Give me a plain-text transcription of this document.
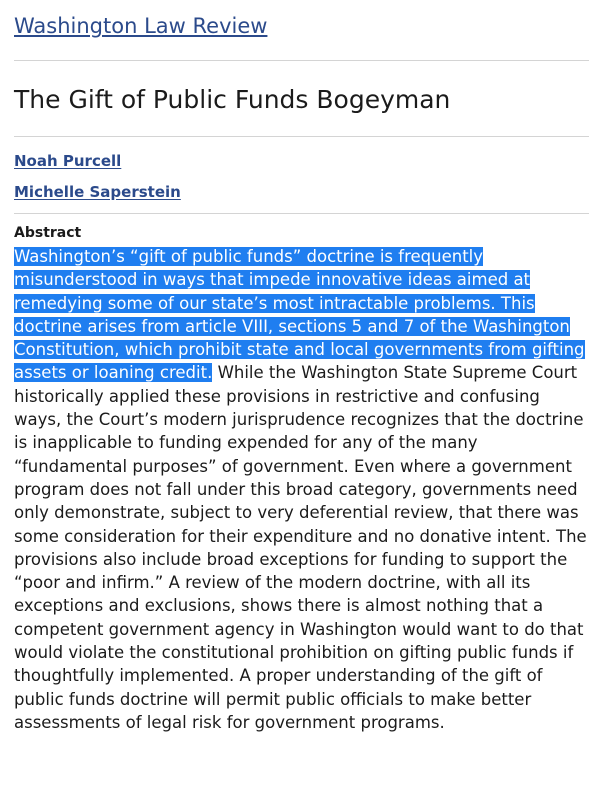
Washington Law Review
The Gift of Public Funds Bogeyman
Noah Purcell
Michelle Saperstein
Abstract

Washington’s “gift of public funds” doctrine is frequently misunderstood in ways that impede innovative ideas aimed at remedying some of our state’s most intractable problems. This doctrine arises from article VIII, sections 5 and 7 of the Washington Constitution, which prohibit state and local governments from gifting assets or loaning credit. While the Washington State Supreme Court historically applied these provisions in restrictive and confusing ways, the Court’s modern jurisprudence recognizes that the doctrine is inapplicable to funding expended for any of the many “fundamental purposes” of government. Even where a government program does not fall under this broad category, governments need only demonstrate, subject to very deferential review, that there was some consideration for their expenditure and no donative intent. The provisions also include broad exceptions for funding to support the “poor and infirm.” A review of the modern doctrine, with all its exceptions and exclusions, shows there is almost nothing that a competent government agency in Washington would want to do that would violate the constitutional prohibition on gifting public funds if thoughtfully implemented. A proper understanding of the gift of public funds doctrine will permit public officials to make better assessments of legal risk for government programs.
